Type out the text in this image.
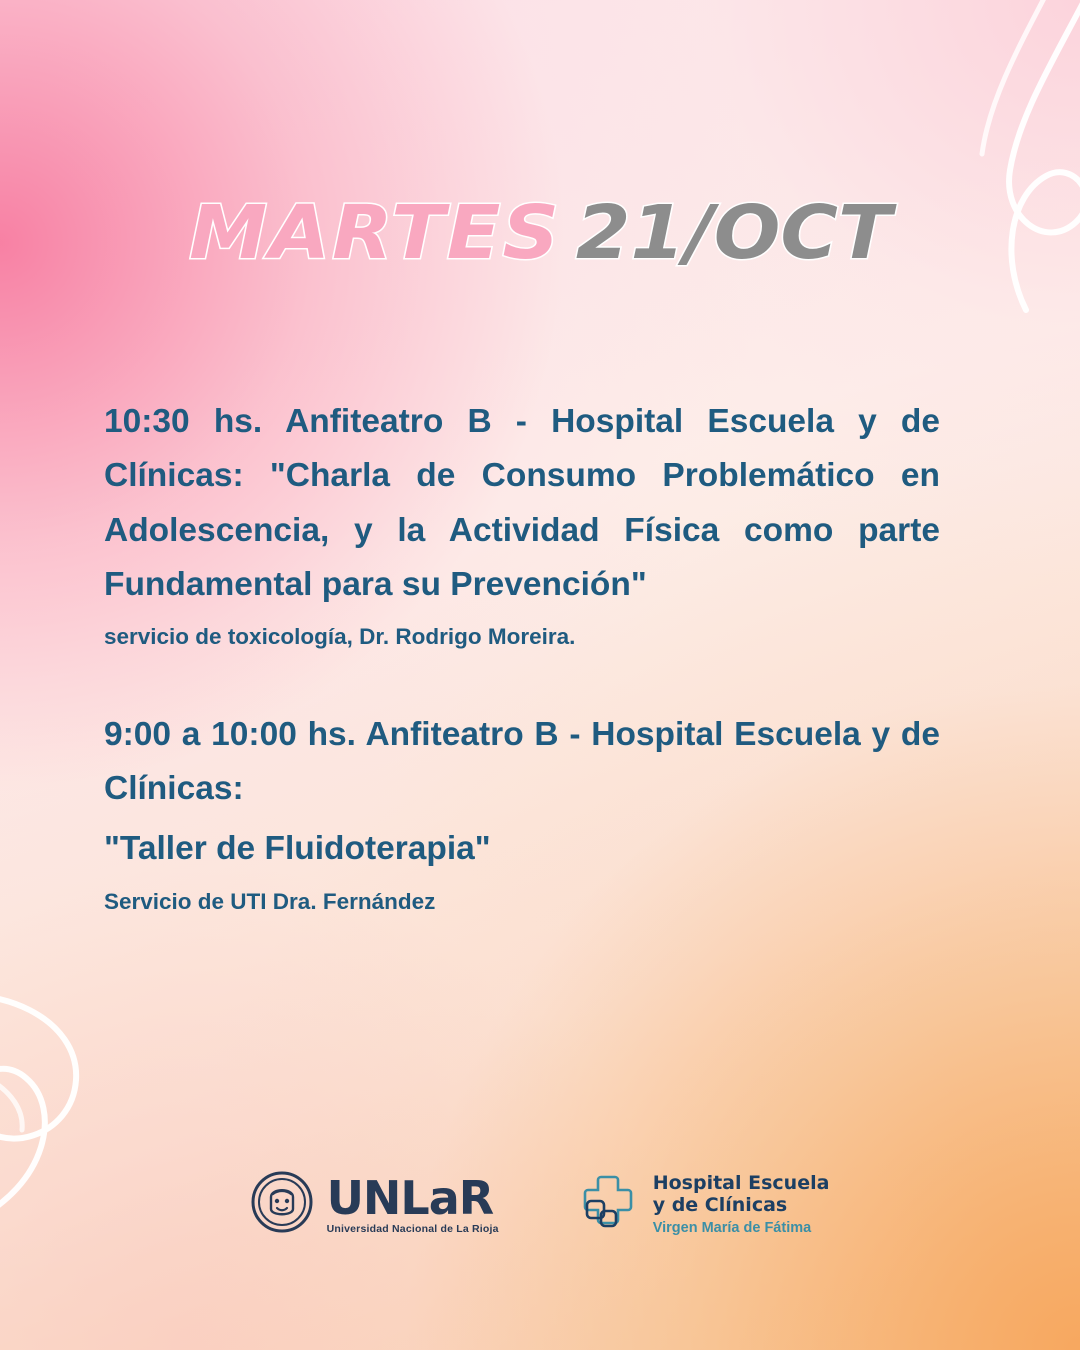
MARTES 21/OCT

10:30 hs. Anfiteatro B - Hospital Escuela y de Clínicas: "Charla de Consumo Problemático en Adolescencia, y la Actividad Física como parte Fundamental para su Prevención"

servicio de toxicología, Dr. Rodrigo Moreira.

9:00 a 10:00 hs. Anfiteatro B - Hospital Escuela y de Clínicas:

"Taller de Fluidoterapia"

Servicio de UTI Dra. Fernández

UNLaR
Universidad Nacional de La Rioja
Hospital Escuela
y de Clínicas
Virgen María de Fátima
